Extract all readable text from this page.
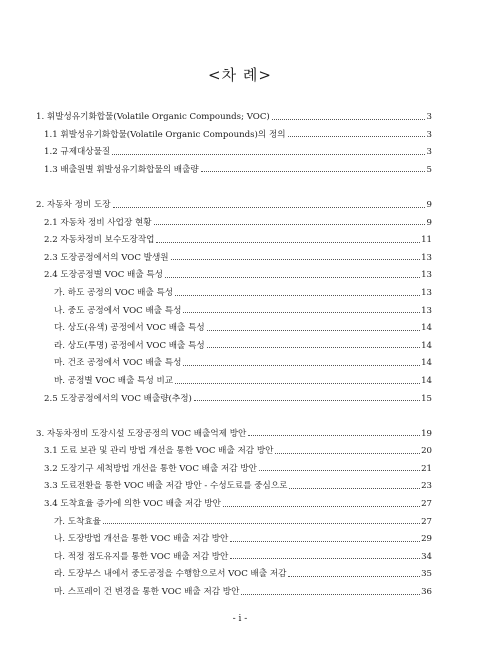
<차 례>
1. 휘발성유기화합물(Volatile Organic Compounds; VOC)	3
1.1 휘발성유기화합물(Volatile Organic Compounds)의 정의	3
1.2 규제대상물질	3
1.3 배출원별 휘발성유기화합물의 배출량	5
2. 자동차 정비 도장	9
2.1 자동차 정비 사업장 현황	9
2.2 자동차정비 보수도장작업	11
2.3 도장공정에서의 VOC 발생원	13
2.4 도장공정별 VOC 배출 특성	13
가. 하도 공정의 VOC 배출 특성	13
나. 중도 공정에서 VOC 배출 특성	13
다. 상도(유색) 공정에서 VOC 배출 특성	14
라. 상도(투명) 공정에서 VOC 배출 특성	14
마. 건조 공정에서 VOC 배출 특성	14
바. 공정별 VOC 배출 특성 비교	14
2.5 도장공정에서의 VOC 배출량(추정)	15
3. 자동차정비 도장시설 도장공정의 VOC 배출억제 방안	19
3.1 도료 보관 및 관리 방법 개선을 통한 VOC 배출 저감 방안	20
3.2 도장기구 세척방법 개선을 통한 VOC 배출 저감 방안	21
3.3 도료전환을 통한 VOC 배출 저감 방안 - 수성도료를 중심으로	23
3.4 도착효율 증가에 의한 VOC 배출 저감 방안	27
가. 도착효율	27
나. 도장방법 개선을 통한 VOC 배출 저감 방안	29
다. 적정 점도유지를 통한 VOC 배출 저감 방안	34
라. 도장부스 내에서 중도공정을 수행함으로서 VOC 배출 저감	35
마. 스프레이 건 변경을 통한 VOC 배출 저감 방안	36
- i -
